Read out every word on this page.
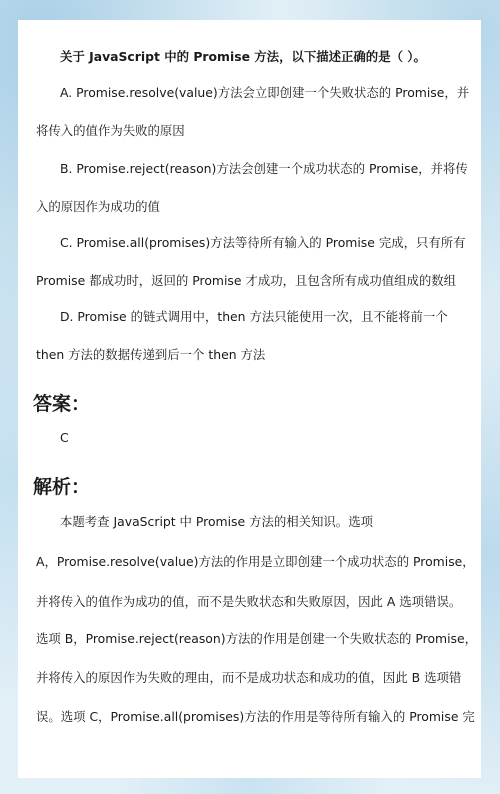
关于 JavaScript 中的 Promise 方法，以下描述正确的是（ ）。
A. Promise.resolve(value)方法会立即创建一个失败状态的 Promise，并
将传入的值作为失败的原因
B. Promise.reject(reason)方法会创建一个成功状态的 Promise，并将传
入的原因作为成功的值
C. Promise.all(promises)方法等待所有输入的 Promise 完成，只有所有
Promise 都成功时，返回的 Promise 才成功，且包含所有成功值组成的数组
D. Promise 的链式调用中，then 方法只能使用一次，且不能将前一个
then 方法的数据传递到后一个 then 方法
答案：
C
解析：
本题考查 JavaScript 中 Promise 方法的相关知识。选项
A，Promise.resolve(value)方法的作用是立即创建一个成功状态的 Promise，
并将传入的值作为成功的值，而不是失败状态和失败原因，因此 A 选项错误。
选项 B，Promise.reject(reason)方法的作用是创建一个失败状态的 Promise，
并将传入的原因作为失败的理由，而不是成功状态和成功的值，因此 B 选项错
误。选项 C，Promise.all(promises)方法的作用是等待所有输入的 Promise 完
